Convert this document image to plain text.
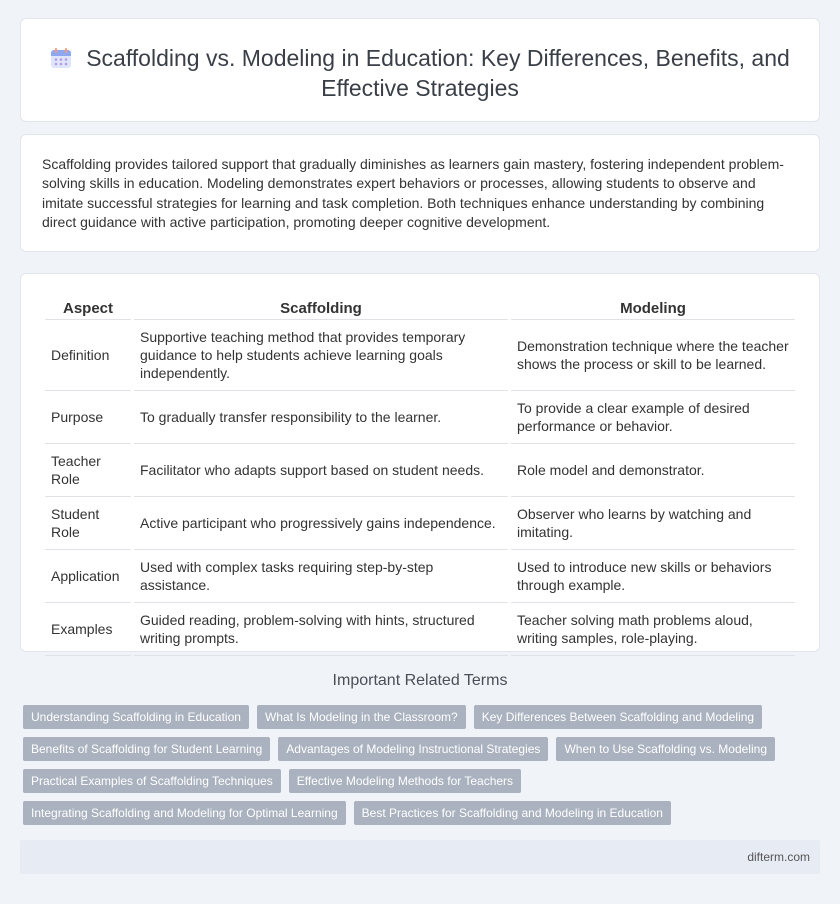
Scaffolding vs. Modeling in Education: Key Differences, Benefits, and Effective Strategies

Scaffolding provides tailored support that gradually diminishes as learners gain mastery, fostering independent problem-solving skills in education. Modeling demonstrates expert behaviors or processes, allowing students to observe and imitate successful strategies for learning and task completion. Both techniques enhance understanding by combining direct guidance with active participation, promoting deeper cognitive development.

Aspect	Scaffolding	Modeling
Definition	Supportive teaching method that provides temporary guidance to help students achieve learning goals independently.	Demonstration technique where the teacher shows the process or skill to be learned.
Purpose	To gradually transfer responsibility to the learner.	To provide a clear example of desired performance or behavior.
Teacher Role	Facilitator who adapts support based on student needs.	Role model and demonstrator.
Student Role	Active participant who progressively gains independence.	Observer who learns by watching and imitating.
Application	Used with complex tasks requiring step-by-step assistance.	Used to introduce new skills or behaviors through example.
Examples	Guided reading, problem-solving with hints, structured writing prompts.	Teacher solving math problems aloud, writing samples, role-playing.
Important Related Terms
Understanding Scaffolding in Education	What Is Modeling in the Classroom?	Key Differences Between Scaffolding and Modeling
Benefits of Scaffolding for Student Learning	Advantages of Modeling Instructional Strategies	When to Use Scaffolding vs. Modeling
Practical Examples of Scaffolding Techniques	Effective Modeling Methods for Teachers
Integrating Scaffolding and Modeling for Optimal Learning	Best Practices for Scaffolding and Modeling in Education
difterm.com
